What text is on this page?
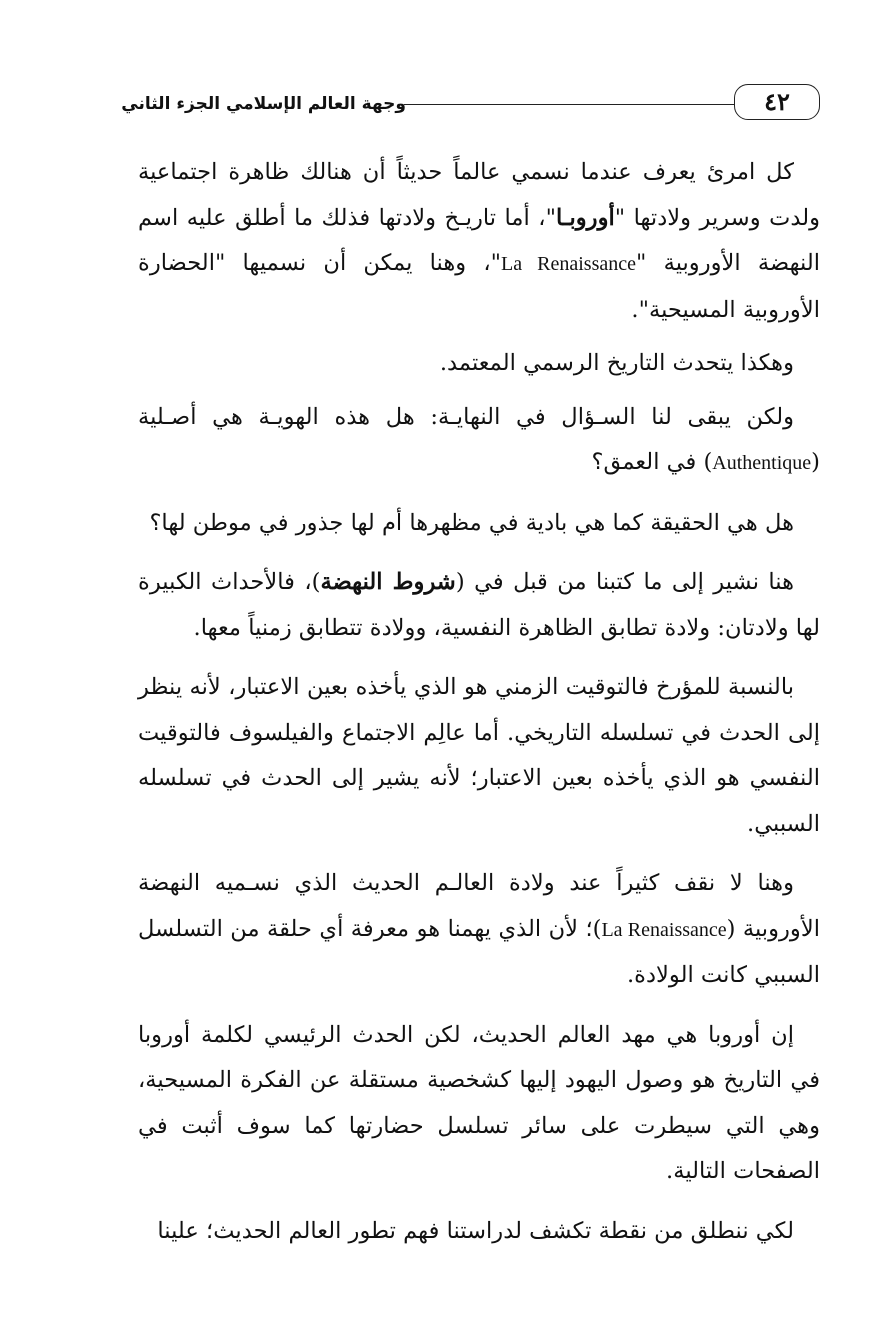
٤٢
وجهة العالم الإسلامي الجزء الثاني

كل امرئ يعرف عندما نسمي عالماً حديثاً أن هنالك ظاهرة اجتماعية ولدت وسرير ولادتها "أوروبـا"، أما تاريـخ ولادتها فذلك ما أطلق عليه اسم النهضة الأوروبية "La Renaissance"، وهنا يمكن أن نسميها "الحضارة الأوروبية المسيحية".

وهكذا يتحدث التاريخ الرسمي المعتمد.

ولكن يبقى لنا السـؤال في النهايـة: هل هذه الهويـة هي أصـلية (Authentique) في العمق؟

هل هي الحقيقة كما هي بادية في مظهرها أم لها جذور في موطن لها؟

هنا نشير إلى ما كتبنا من قبل في (شروط النهضة)، فالأحداث الكبيرة لها ولادتان: ولادة تطابق الظاهرة النفسية، وولادة تتطابق زمنياً معها.

بالنسبة للمؤرخ فالتوقيت الزمني هو الذي يأخذه بعين الاعتبار، لأنه ينظر إلى الحدث في تسلسله التاريخي. أما عالِم الاجتماع والفيلسوف فالتوقيت النفسي هو الذي يأخذه بعين الاعتبار؛ لأنه يشير إلى الحدث في تسلسله السببي.

وهنا لا نقف كثيراً عند ولادة العالـم الحديث الذي نسـميه النهضة الأوروبية (La Renaissance)؛ لأن الذي يهمنا هو معرفة أي حلقة من التسلسل السببي كانت الولادة.

إن أوروبا هي مهد العالم الحديث، لكن الحدث الرئيسي لكلمة أوروبا في التاريخ هو وصول اليهود إليها كشخصية مستقلة عن الفكرة المسيحية، وهي التي سيطرت على سائر تسلسل حضارتها كما سوف أثبت في الصفحات التالية.

لكي ننطلق من نقطة تكشف لدراستنا فهم تطور العالم الحديث؛ علينا
